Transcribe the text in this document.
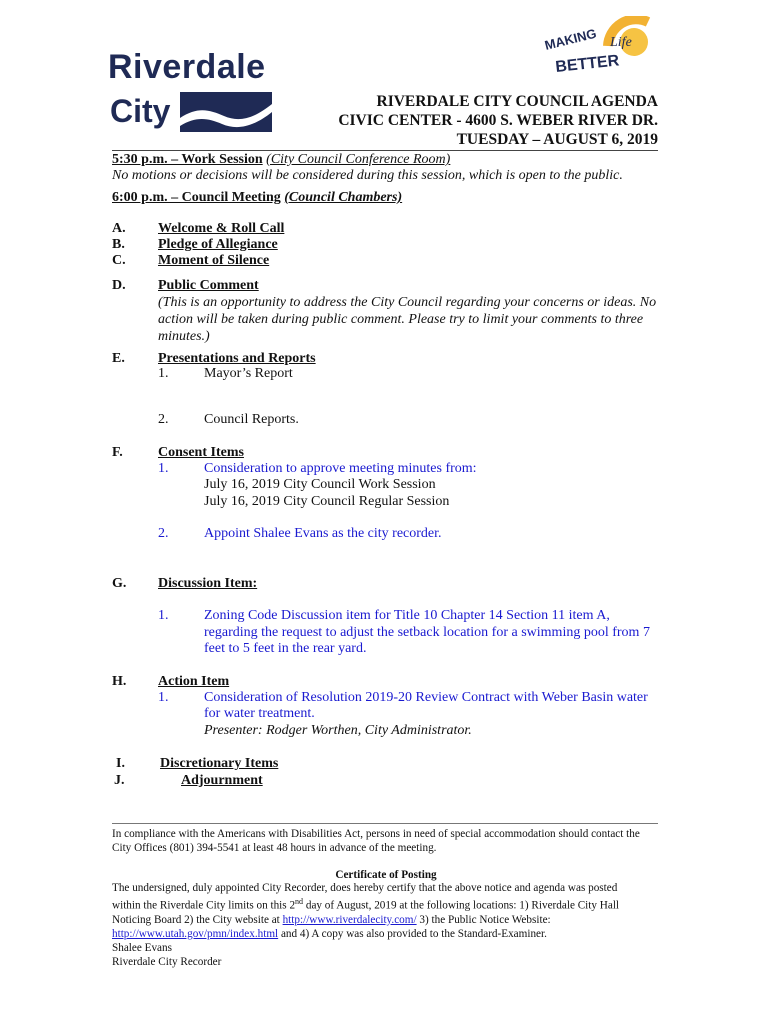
Riverdale
City
MAKING Life
BETTER
RIVERDALE CITY COUNCIL AGENDA
CIVIC CENTER - 4600 S. WEBER RIVER DR.
TUESDAY – AUGUST 6, 2019
5:30 p.m. – Work Session (City Council Conference Room)
No motions or decisions will be considered during this session, which is open to the public.
6:00 p.m. – Council Meeting (Council Chambers)
A. Welcome & Roll Call
B. Pledge of Allegiance
C. Moment of Silence
D. Public Comment
(This is an opportunity to address the City Council regarding your concerns or ideas. No
action will be taken during public comment. Please try to limit your comments to three
minutes.)
E. Presentations and Reports
1.	Mayor’s Report
2.	Council Reports.
F.	Consent Items
1.	Consideration to approve meeting minutes from:
July 16, 2019 City Council Work Session
July 16, 2019 City Council Regular Session
2.	Appoint Shalee Evans as the city recorder.
G. Discussion Item:
1.	Zoning Code Discussion item for Title 10 Chapter 14 Section 11 item A,
regarding the request to adjust the setback location for a swimming pool from 7
feet to 5 feet in the rear yard.
H. Action Item
1.	Consideration of Resolution 2019-20 Review Contract with Weber Basin water
for water treatment.
Presenter: Rodger Worthen, City Administrator.
I.	Discretionary Items
J.	Adjournment
In compliance with the Americans with Disabilities Act, persons in need of special accommodation should contact the
City Offices (801) 394-5541 at least 48 hours in advance of the meeting.
Certificate of Posting
The undersigned, duly appointed City Recorder, does hereby certify that the above notice and agenda was posted
within the Riverdale City limits on this 2nd day of August, 2019 at the following locations: 1) Riverdale City Hall
Noticing Board 2) the City website at http://www.riverdalecity.com/ 3) the Public Notice Website:
http://www.utah.gov/pmn/index.html and 4) A copy was also provided to the Standard-Examiner.
Shalee Evans
Riverdale City Recorder
